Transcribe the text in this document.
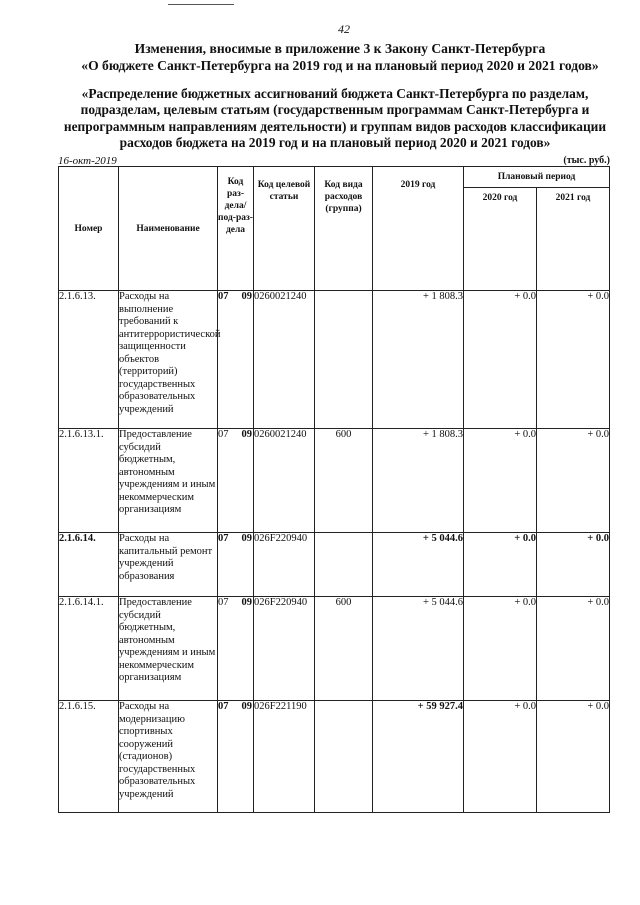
42
Изменения, вносимые в приложение 3 к Закону Санкт-Петербурга
«О бюджете Санкт-Петербурга на 2019 год и на плановый период 2020 и 2021 годов»
«Распределение бюджетных ассигнований бюджета Санкт-Петербурга по разделам, подразделам, целевым статьям (государственным программам Санкт-Петербурга и непрограммным направлениям деятельности) и группам видов расходов классификации расходов бюджета на 2019 год и на плановый период 2020 и 2021 годов»
16-окт-2019	(тыс. руб.)
Номер	Наименование	Код раз-дела/ под-раз-дела	Код целевой статьи	Код вида расходов (группа)	2019 год	Плановый период	
						2020 год	2021 год
2.1.6.13.	Расходы на выполнение требований к антитеррористической защищенности объектов (территорий) государственных образовательных учреждений	07 09	0260021240		+ 1 808.3	+ 0.0	+ 0.0
2.1.6.13.1.	Предоставление субсидий бюджетным, автономным учреждениям и иным некоммерческим организациям	07 09	0260021240	600	+ 1 808.3	+ 0.0	+ 0.0
2.1.6.14.	Расходы на капитальный ремонт учреждений образования	07 09	026F220940		+ 5 044.6	+ 0.0	+ 0.0
2.1.6.14.1.	Предоставление субсидий бюджетным, автономным учреждениям и иным некоммерческим организациям	07 09	026F220940	600	+ 5 044.6	+ 0.0	+ 0.0
2.1.6.15.	Расходы на модернизацию спортивных сооружений (стадионов) государственных образовательных учреждений	07 09	026F221190		+ 59 927.4	+ 0.0	+ 0.0
